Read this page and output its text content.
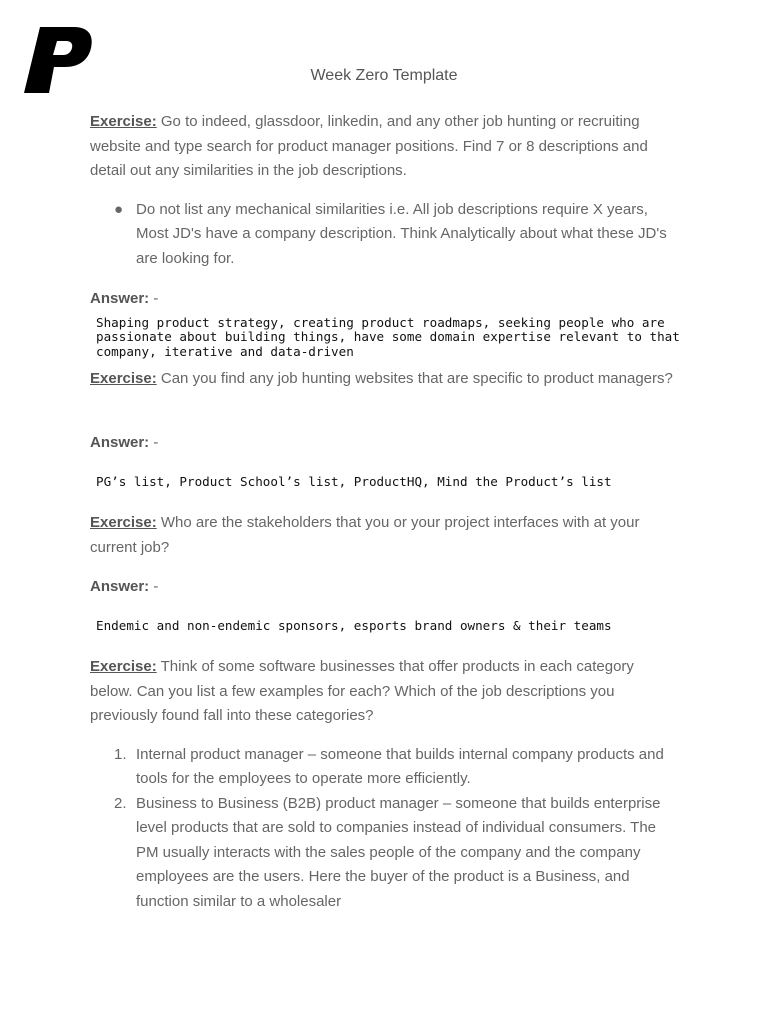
Week Zero Template

Exercise: Go to indeed, glassdoor, linkedin, and any other job hunting or recruiting website and type search for product manager positions. Find 7 or 8 descriptions and detail out any similarities in the job descriptions.

● Do not list any mechanical similarities i.e. All job descriptions require X years, Most JD's have a company description. Think Analytically about what these JD's are looking for.

Answer: -

Shaping product strategy, creating product roadmaps, seeking people who are passionate about building things, have some domain expertise relevant to that company, iterative and data-driven

Exercise: Can you find any job hunting websites that are specific to product managers?

Answer: -

PG’s list, Product School’s list, ProductHQ, Mind the Product’s list

Exercise: Who are the stakeholders that you or your project interfaces with at your current job?

Answer: -

Endemic and non-endemic sponsors, esports brand owners & their teams

Exercise: Think of some software businesses that offer products in each category below. Can you list a few examples for each? Which of the job descriptions you previously found fall into these categories?

1. Internal product manager – someone that builds internal company products and tools for the employees to operate more efficiently.
2. Business to Business (B2B) product manager – someone that builds enterprise level products that are sold to companies instead of individual consumers. The PM usually interacts with the sales people of the company and the company employees are the users. Here the buyer of the product is a Business, and function similar to a wholesaler
